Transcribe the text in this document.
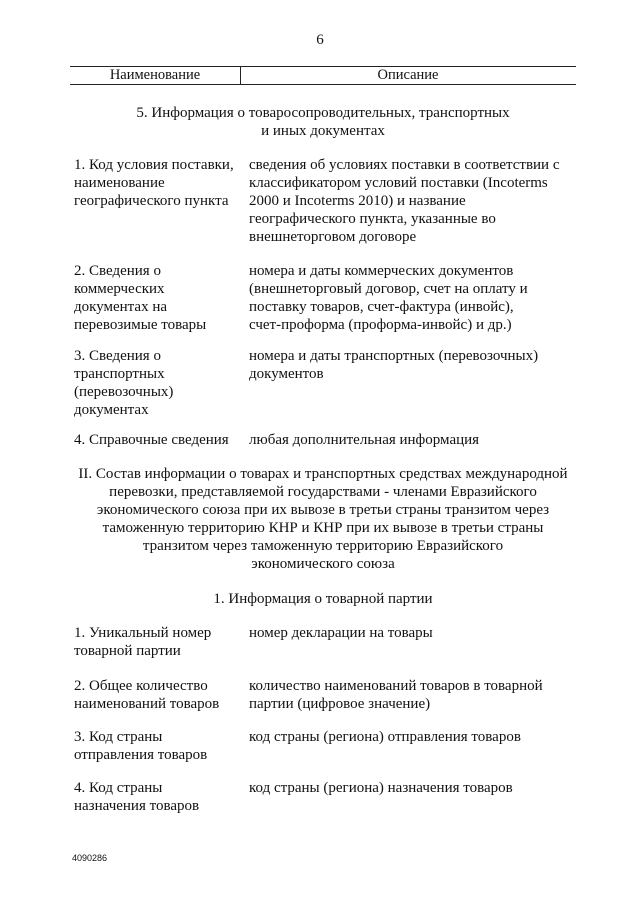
6
Наименование	Описание
5. Информация о товаросопроводительных, транспортных
и иных документах
1. Код условия поставки,
наименование
географического пункта
сведения об условиях поставки в соответствии с
классификатором условий поставки (Incoterms
2000 и Incoterms 2010) и название
географического пункта, указанные во
внешнеторговом договоре
2. Сведения о
коммерческих
документах на
перевозимые товары
номера и даты коммерческих документов
(внешнеторговый договор, счет на оплату и
поставку товаров, счет-фактура (инвойс),
счет-проформа (проформа-инвойс) и др.)
3. Сведения о
транспортных
(перевозочных)
документах
номера и даты транспортных (перевозочных)
документов
4. Справочные сведения	любая дополнительная информация
II. Состав информации о товарах и транспортных средствах международной
перевозки, представляемой государствами - членами Евразийского
экономического союза при их вывозе в третьи страны транзитом через
таможенную территорию КНР и КНР при их вывозе в третьи страны
транзитом через таможенную территорию Евразийского
экономического союза
1. Информация о товарной партии
1. Уникальный номер
товарной партии
номер декларации на товары
2. Общее количество
наименований товаров
количество наименований товаров в товарной
партии (цифровое значение)
3. Код страны
отправления товаров
код страны (региона) отправления товаров
4. Код страны
назначения товаров
код страны (региона) назначения товаров
4090286
